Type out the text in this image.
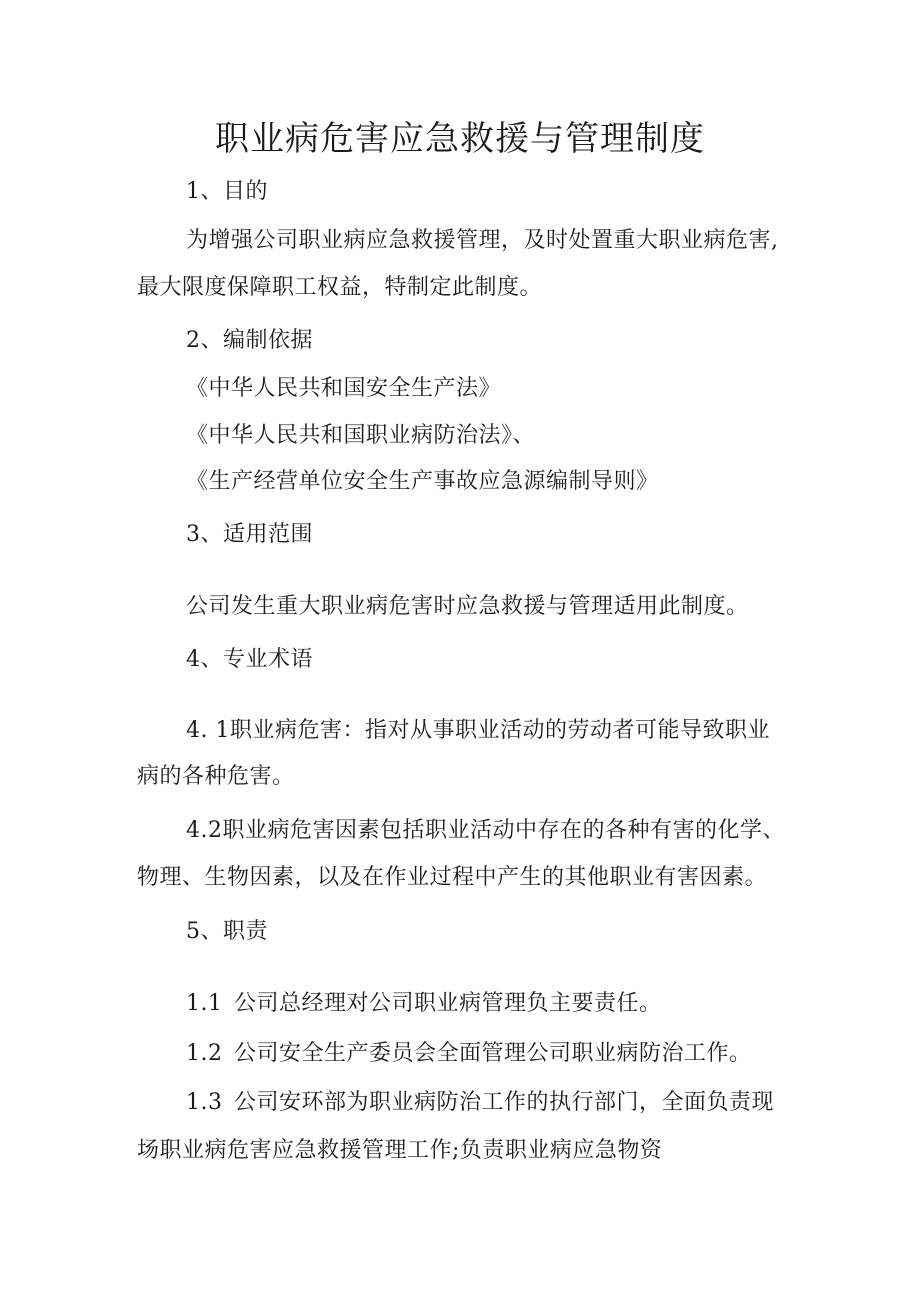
职业病危害应急救援与管理制度
1、目的
为增强公司职业病应急救援管理，及时处置重大职业病危害,
最大限度保障职工权益，特制定此制度。
2、编制依据
《中华人民共和国安全生产法》
《中华人民共和国职业病防治法》、
《生产经营单位安全生产事故应急源编制导则》
3、适用范围
公司发生重大职业病危害时应急救援与管理适用此制度。
4、专业术语
4. 1职业病危害：指对从事职业活动的劳动者可能导致职业
病的各种危害。
4.2职业病危害因素包括职业活动中存在的各种有害的化学、
物理、生物因素，以及在作业过程中产生的其他职业有害因素。
5、职责
1.1 公司总经理对公司职业病管理负主要责任。
1.2 公司安全生产委员会全面管理公司职业病防治工作。
1.3 公司安环部为职业病防治工作的执行部门，全面负责现
场职业病危害应急救援管理工作;负责职业病应急物资
